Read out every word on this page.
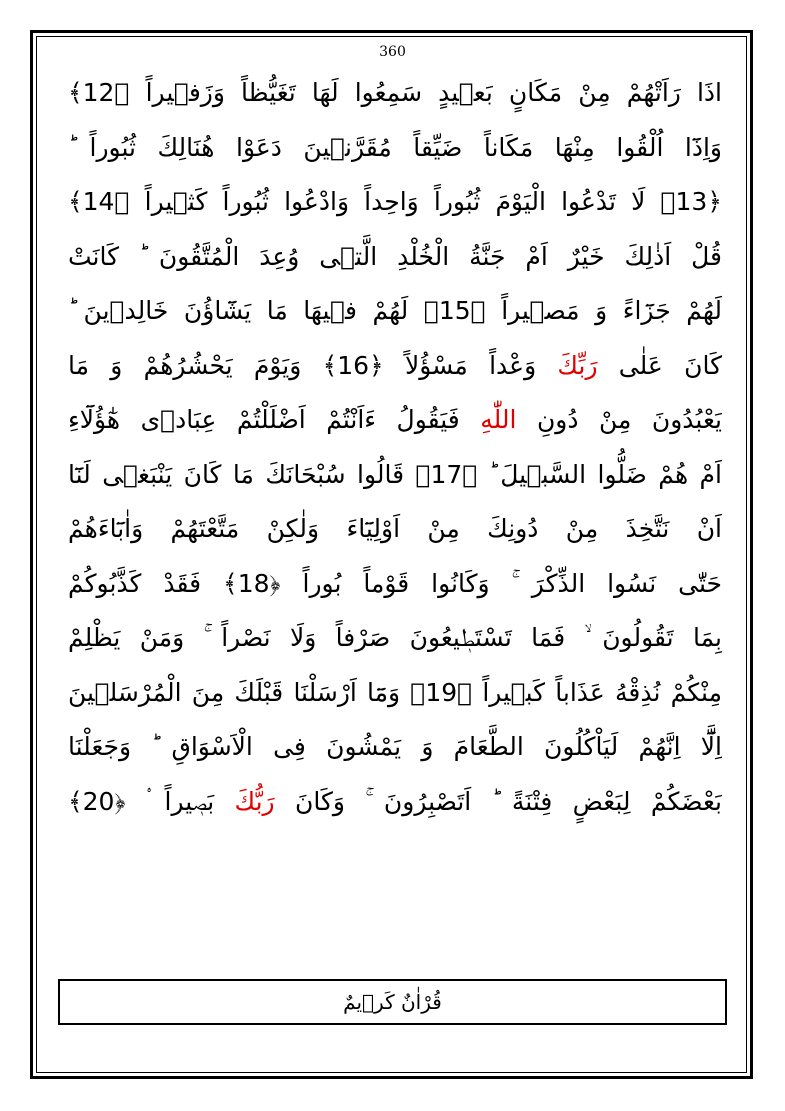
360
اذَا رَاَتْهُمْ مِنْ مَكَانٍ بَعٖيدٍ سَمِعُوا لَهَا تَغَيُّظاً وَزَفٖيراً ﴿12﴾
وَاِذَٓا اُلْقُوا مِنْهَا مَكَاناً ضَيِّقاً مُقَرَّنٖينَ دَعَوْا هُنَالِكَ ثُبُوراً ؕ
﴿13﴾ لَا تَدْعُوا الْيَوْمَ ثُبُوراً وَاحِداً وَادْعُوا ثُبُوراً كَثٖيراً ﴿14﴾
قُلْ اَذٰلِكَ خَيْرٌ اَمْ جَنَّةُ الْخُلْدِ الَّتٖى وُعِدَ الْمُتَّقُونَ ؕ كَانَتْ
لَهُمْ جَزَٓاءً وَ مَصٖيراً ﴿15﴾ لَهُمْ فٖيهَا مَا يَشَٓاؤُنَ خَالِدٖينَ ؕ
كَانَ عَلٰى رَبِّكَ وَعْداً مَسْؤُلاً ﴿16﴾ وَيَوْمَ يَحْشُرُهُمْ وَ مَا
يَعْبُدُونَ مِنْ دُونِ اللّٰهِ فَيَقُولُ ءَاَنْتُمْ اَضْلَلْتُمْ عِبَادٖى هٰٓؤُلَٓاءِ
اَمْ هُمْ ضَلُّوا السَّبٖيلَ ؕ ﴿17﴾ قَالُوا سُبْحَانَكَ مَا كَانَ يَنْبَغٖى لَنَٓا
اَنْ نَتَّخِذَ مِنْ دُونِكَ مِنْ اَوْلِيَٓاءَ وَلٰكِنْ مَتَّعْتَهُمْ وَاٰبَٓاءَهُمْ
حَتّٰى نَسُوا الذِّكْرَ ۚ وَكَانُوا قَوْماً بُوراً ﴿18﴾ فَقَدْ كَذَّبُوكُمْ
بِمَا تَقُولُونَ ۙ فَمَا تَسْتَطٖيعُونَ صَرْفاً وَلَا نَصْراً ۚ وَمَنْ يَظْلِمْ
مِنْكُمْ نُذِقْهُ عَذَاباً كَبٖيراً ﴿19﴾ وَمَٓا اَرْسَلْنَا قَبْلَكَ مِنَ الْمُرْسَلٖينَ
اِلَّٓا اِنَّهُمْ لَيَاْكُلُونَ الطَّعَامَ وَ يَمْشُونَ فِى الْاَسْوَاقِ ؕ وَجَعَلْنَا
بَعْضَكُمْ لِبَعْضٍ فِتْنَةً ؕ اَتَصْبِرُونَ ۚ وَكَانَ رَبُّكَ بَصٖيراً ۟ ﴿20﴾
قُرْاٰنٌ كَرٖيمٌ
